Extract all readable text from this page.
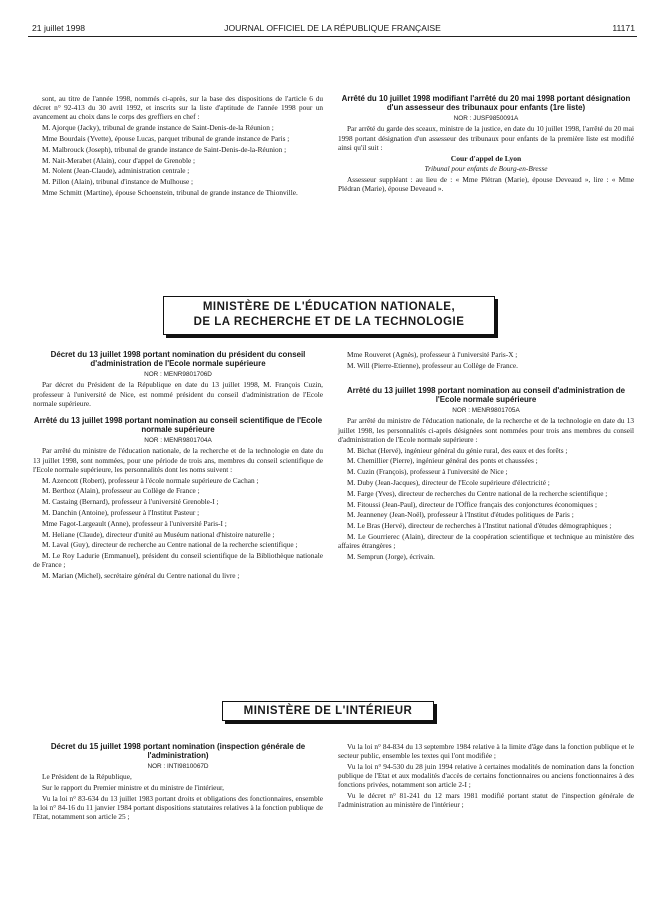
21 juillet 1998	JOURNAL OFFICIEL DE LA RÉPUBLIQUE FRANÇAISE	11171

sont, au titre de l'année 1998, nommés ci-après, sur la base des dispositions de l'article 6 du décret n° 92-413 du 30 avril 1992, et inscrits sur la liste d'aptitude de l'année 1998 pour un avancement au choix dans le corps des greffiers en chef :

M. Ajorque (Jacky), tribunal de grande instance de Saint-Denis-de-la Réunion ;

Mme Bourdais (Yvette), épouse Lucas, parquet tribunal de grande instance de Paris ;

M. Malbrouck (Joseph), tribunal de grande instance de Saint-Denis-de-la-Réunion ;

M. Nait-Merabet (Alain), cour d'appel de Grenoble ;

M. Nolent (Jean-Claude), administration centrale ;

M. Pillon (Alain), tribunal d'instance de Mulhouse ;

Mme Schmitt (Martine), épouse Schoenstein, tribunal de grande instance de Thionville.

Arrêté du 10 juillet 1998 modifiant l'arrêté du 20 mai 1998 portant désignation d'un assesseur des tribunaux pour enfants (1re liste)

NOR : JUSF9850091A

Par arrêté du garde des sceaux, ministre de la justice, en date du 10 juillet 1998, l'arrêté du 20 mai 1998 portant désignation d'un assesseur des tribunaux pour enfants de la première liste est modifié ainsi qu'il suit :

Cour d'appel de Lyon

Tribunal pour enfants de Bourg-en-Bresse

Assesseur suppléant : au lieu de : « Mme Plétran (Marie), épouse Deveaud », lire : « Mme Plédran (Marie), épouse Deveaud ».

MINISTÈRE DE L'ÉDUCATION NATIONALE,
DE LA RECHERCHE ET DE LA TECHNOLOGIE

Décret du 13 juillet 1998 portant nomination du président du conseil d'administration de l'Ecole normale supérieure

NOR : MENR9801706D

Par décret du Président de la République en date du 13 juillet 1998, M. François Cuzin, professeur à l'université de Nice, est nommé président du conseil d'administration de l'Ecole normale supérieure.

Arrêté du 13 juillet 1998 portant nomination au conseil scientifique de l'Ecole normale supérieure

NOR : MENR9801704A

Par arrêté du ministre de l'éducation nationale, de la recherche et de la technologie en date du 13 juillet 1998, sont nommées, pour une période de trois ans, membres du conseil scientifique de l'Ecole normale supérieure, les personnalités dont les noms suivent :

M. Azencott (Robert), professeur à l'école normale supérieure de Cachan ;

M. Berthoz (Alain), professeur au Collège de France ;

M. Castaing (Bernard), professeur à l'université Grenoble-I ;

M. Danchin (Antoine), professeur à l'Institut Pasteur ;

Mme Fagot-Largeault (Anne), professeur à l'université Paris-I ;

M. Heliane (Claude), directeur d'unité au Muséum national d'histoire naturelle ;

M. Laval (Guy), directeur de recherche au Centre national de la recherche scientifique ;

M. Le Roy Ladurie (Emmanuel), président du conseil scientifique de la Bibliothèque nationale de France ;

M. Marian (Michel), secrétaire général du Centre national du livre ;

Mme Rouveret (Agnès), professeur à l'université Paris-X ;

M. Will (Pierre-Etienne), professeur au Collège de France.

Arrêté du 13 juillet 1998 portant nomination au conseil d'administration de l'Ecole normale supérieure

NOR : MENR9801705A

Par arrêté du ministre de l'éducation nationale, de la recherche et de la technologie en date du 13 juillet 1998, les personnalités ci-après désignées sont nommées pour trois ans membres du conseil d'administration de l'Ecole normale supérieure :

M. Bichat (Hervé), ingénieur général du génie rural, des eaux et des forêts ;

M. Chemillier (Pierre), ingénieur général des ponts et chaussées ;

M. Cuzin (François), professeur à l'université de Nice ;

M. Duby (Jean-Jacques), directeur de l'Ecole supérieure d'électricité ;

M. Farge (Yves), directeur de recherches du Centre national de la recherche scientifique ;

M. Fitoussi (Jean-Paul), directeur de l'Office français des conjonctures économiques ;

M. Jeanneney (Jean-Noël), professeur à l'Institut d'études politiques de Paris ;

M. Le Bras (Hervé), directeur de recherches à l'Institut national d'études démographiques ;

M. Le Gourrierec (Alain), directeur de la coopération scientifique et technique au ministère des affaires étrangères ;

M. Semprun (Jorge), écrivain.

MINISTÈRE DE L'INTÉRIEUR

Décret du 15 juillet 1998 portant nomination (inspection générale de l'administration)

NOR : INTI9810067D

Le Président de la République,

Sur le rapport du Premier ministre et du ministre de l'intérieur,

Vu la loi n° 83-634 du 13 juillet 1983 portant droits et obligations des fonctionnaires, ensemble la loi n° 84-16 du 11 janvier 1984 portant dispositions statutaires relatives à la fonction publique de l'Etat, notamment son article 25 ;

Vu la loi n° 84-834 du 13 septembre 1984 relative à la limite d'âge dans la fonction publique et le secteur public, ensemble les textes qui l'ont modifiée ;

Vu la loi n° 94-530 du 28 juin 1994 relative à certaines modalités de nomination dans la fonction publique de l'Etat et aux modalités d'accès de certains fonctionnaires ou anciens fonctionnaires à des fonctions privées, notamment son article 2-I ;

Vu le décret n° 81-241 du 12 mars 1981 modifié portant statut de l'inspection générale de l'administration au ministère de l'intérieur ;
